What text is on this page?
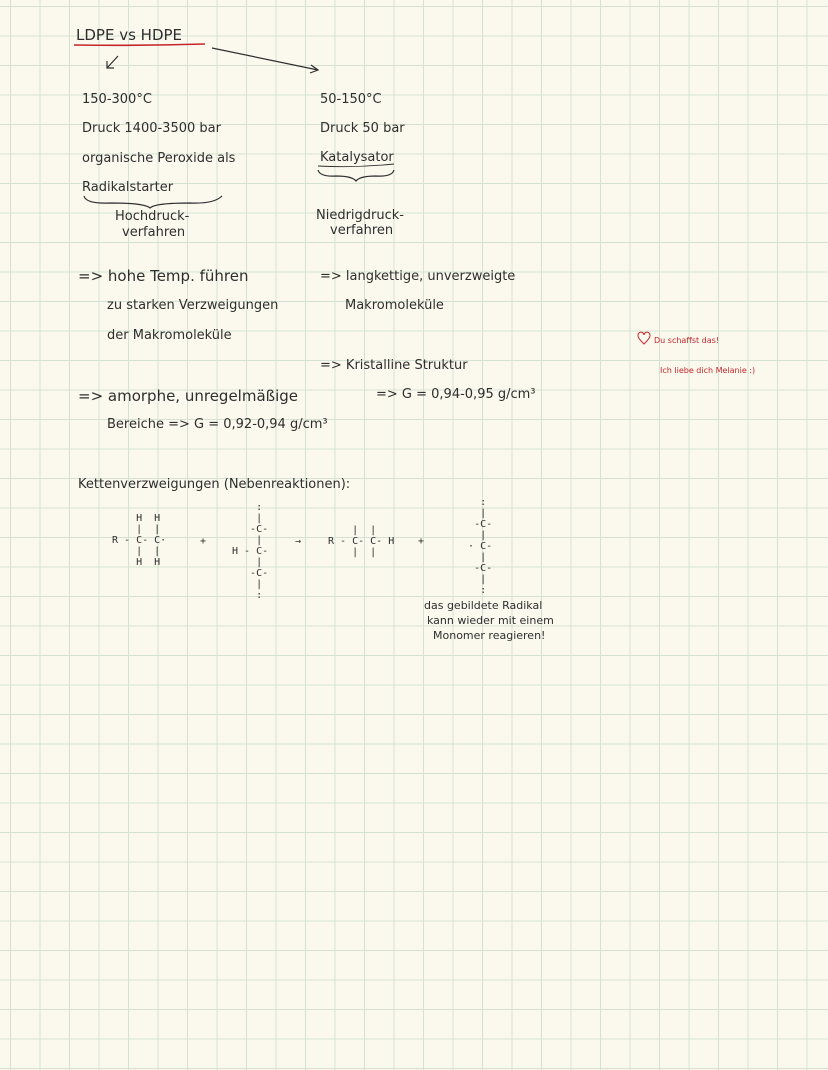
LDPE vs HDPE
150-300°C
Druck 1400-3500 bar
organische Peroxide als
Radikalstarter
Hochdruck-
verfahren
50-150°C
Druck 50 bar
Katalysator
Niedrigdruck-
verfahren
=> hohe Temp. führen
zu starken Verzweigungen
der Makromoleküle
=> langkettige, unverzweigte
Makromoleküle
=> Kristalline Struktur
=> G = 0,94-0,95 g/cm³
=> amorphe, unregelmäßige
Bereiche => G = 0,92-0,94 g/cm³
Du schaffst das!
Ich liebe dich Melanie :)
Kettenverzweigungen (Nebenreaktionen):
H  H
|  |
R - C- C·
|  |
H  H
+
:
|
-C-
|
H - C-
|
-C-
|
:
→
|  |
R - C- C- H
|  |
+
:
|
-C-
|
· C-
|
-C-
|
:
das gebildete Radikal
kann wieder mit einem
Monomer reagieren!
